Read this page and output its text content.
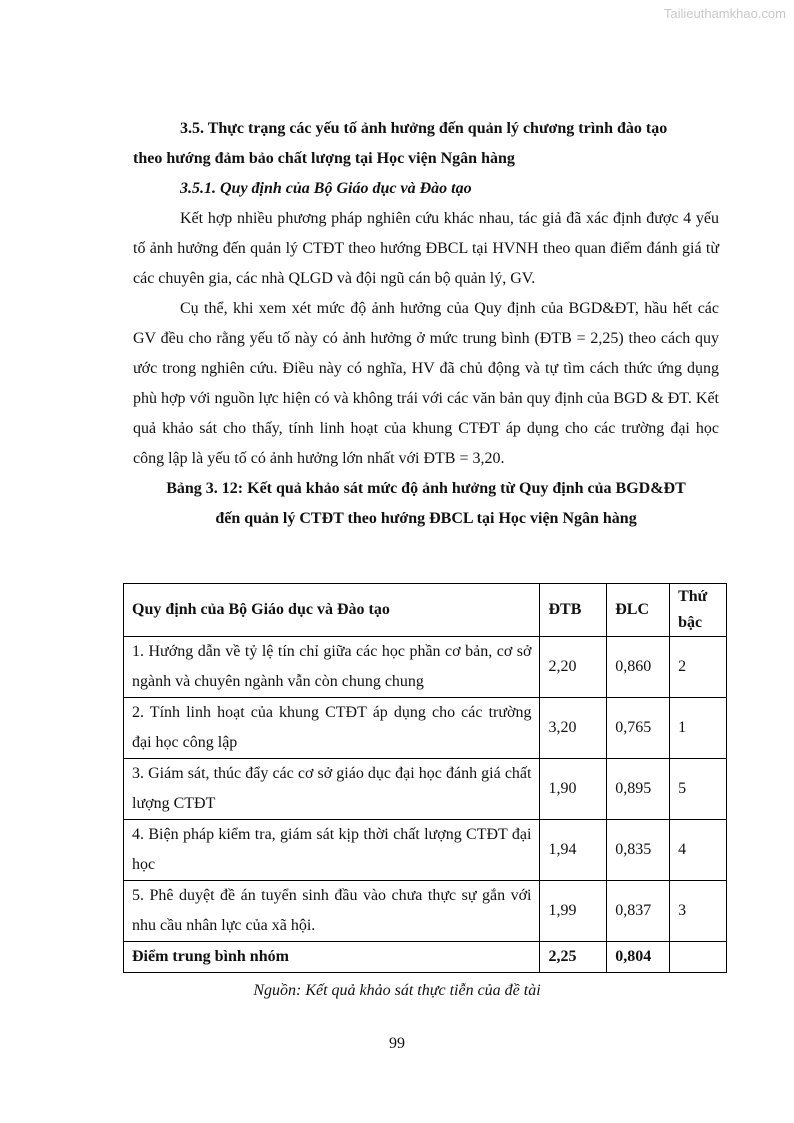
Tailieuthamkhao.com

3.5. Thực trạng các yếu tố ảnh hưởng đến quản lý chương trình đào tạo
theo hướng đảm bảo chất lượng tại Học viện Ngân hàng

3.5.1. Quy định của Bộ Giáo dục và Đào tạo

Kết hợp nhiều phương pháp nghiên cứu khác nhau, tác giả đã xác định được 4 yếu tố ảnh hưởng đến quản lý CTĐT theo hướng ĐBCL tại HVNH theo quan điểm đánh giá từ các chuyên gia, các nhà QLGD và đội ngũ cán bộ quản lý, GV.

Cụ thể, khi xem xét mức độ ảnh hưởng của Quy định của BGD&ĐT, hầu hết các GV đều cho rằng yếu tố này có ảnh hưởng ở mức trung bình (ĐTB = 2,25) theo cách quy ước trong nghiên cứu. Điều này có nghĩa, HV đã chủ động và tự tìm cách thức ứng dụng phù hợp với nguồn lực hiện có và không trái với các văn bản quy định của BGD & ĐT. Kết quả khảo sát cho thấy, tính linh hoạt của khung CTĐT áp dụng cho các trường đại học công lập là yếu tố có ảnh hưởng lớn nhất với ĐTB = 3,20.

Bảng 3. 12: Kết quả khảo sát mức độ ảnh hưởng từ Quy định của BGD&ĐT
đến quản lý CTĐT theo hướng ĐBCL tại Học viện Ngân hàng

Quy định của Bộ Giáo dục và Đào tạo	ĐTB	ĐLC	Thứ bậc
1. Hướng dẫn về tỷ lệ tín chỉ giữa các học phần cơ bản, cơ sở ngành và chuyên ngành vẫn còn chung chung	2,20	0,860	2
2. Tính linh hoạt của khung CTĐT áp dụng cho các trường đại học công lập	3,20	0,765	1
3. Giám sát, thúc đẩy các cơ sở giáo dục đại học đánh giá chất lượng CTĐT	1,90	0,895	5
4. Biện pháp kiểm tra, giám sát kịp thời chất lượng CTĐT đại học	1,94	0,835	4
5. Phê duyệt đề án tuyển sinh đầu vào chưa thực sự gắn với nhu cầu nhân lực của xã hội.	1,99	0,837	3
Điểm trung bình nhóm	2,25	0,804	
Nguồn: Kết quả khảo sát thực tiễn của đề tài
99
